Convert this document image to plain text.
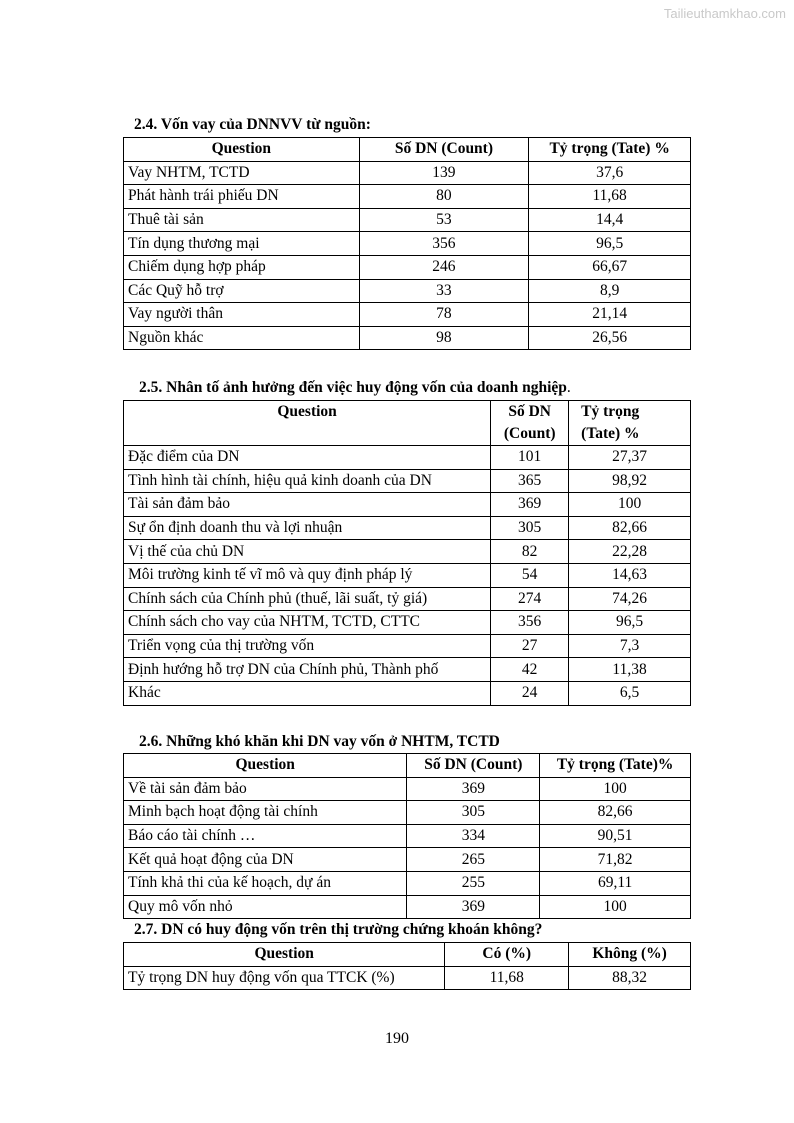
Tailieuthamkhao.com
2.4. Vốn vay của DNNVV từ nguồn:
Question	Số DN (Count)	Tỷ trọng (Tate) %
Vay NHTM, TCTD	139	37,6
Phát hành trái phiếu DN	80	11,68
Thuê tài sản	53	14,4
Tín dụng thương mại	356	96,5
Chiếm dụng hợp pháp	246	66,67
Các Quỹ hỗ trợ	33	8,9
Vay người thân	78	21,14
Nguồn khác	98	26,56
2.5. Nhân tố ảnh hưởng đến việc huy động vốn của doanh nghiệp.
Question	Số DN	Tỷ trọng
	(Count)	(Tate) %
Đặc điểm của DN	101	27,37
Tình hình tài chính, hiệu quả kinh doanh của DN	365	98,92
Tài sản đảm bảo	369	100
Sự ổn định doanh thu và lợi nhuận	305	82,66
Vị thế của chủ DN	82	22,28
Môi trường kinh tế vĩ mô và quy định pháp lý	54	14,63
Chính sách của Chính phủ (thuế, lãi suất, tỷ giá)	274	74,26
Chính sách cho vay của NHTM, TCTD, CTTC	356	96,5
Triển vọng của thị trường vốn	27	7,3
Định hướng hỗ trợ DN của Chính phủ, Thành phố	42	11,38
Khác	24	6,5
2.6. Những khó khăn khi DN vay vốn ở NHTM, TCTD
Question	Số DN (Count)	Tỷ trọng (Tate)%
Về tài sản đảm bảo	369	100
Minh bạch hoạt động tài chính	305	82,66
Báo cáo tài chính …	334	90,51
Kết quả hoạt động của DN	265	71,82
Tính khả thi của kế hoạch, dự án	255	69,11
Quy mô vốn nhỏ	369	100
2.7. DN có huy động vốn trên thị trường chứng khoán không?
Question	Có (%)	Không (%)
Tỷ trọng DN huy động vốn qua TTCK (%)	11,68	88,32
190
